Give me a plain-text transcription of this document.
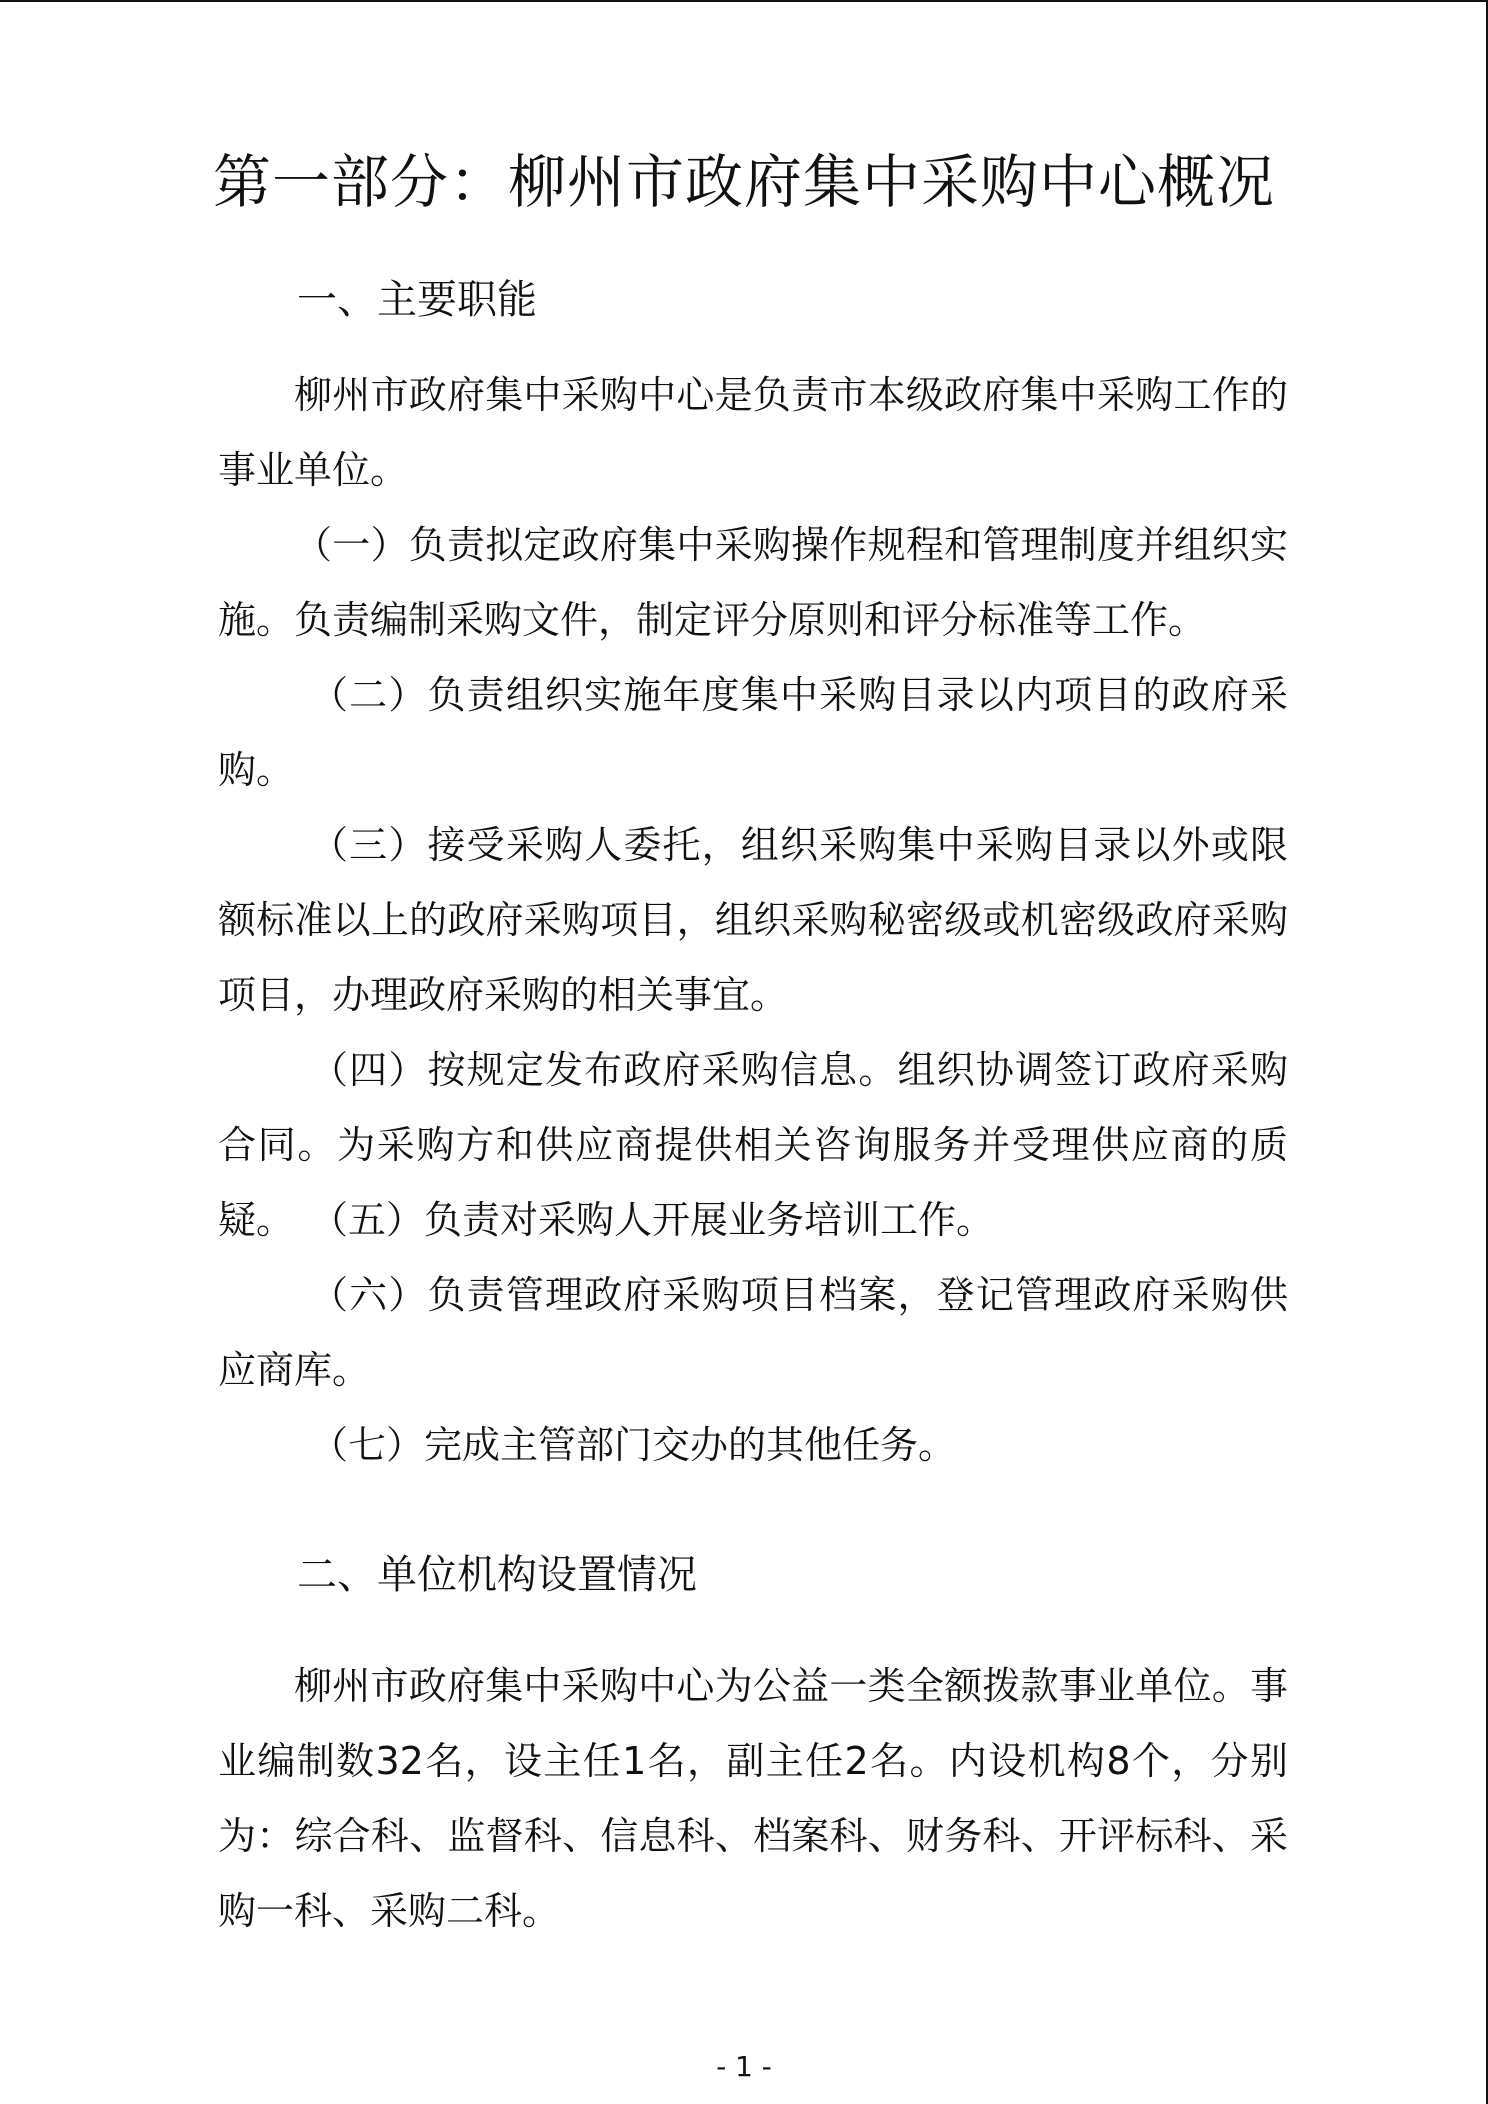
第一部分：柳州市政府集中采购中心概况
一、主要职能

柳州市政府集中采购中心是负责市本级政府集中采购工作的事业单位。

（一）负责拟定政府集中采购操作规程和管理制度并组织实施。负责编制采购文件，制定评分原则和评分标准等工作。

（二）负责组织实施年度集中采购目录以内项目的政府采购。

（三）接受采购人委托，组织采购集中采购目录以外或限额标准以上的政府采购项目，组织采购秘密级或机密级政府采购项目，办理政府采购的相关事宜。

（四）按规定发布政府采购信息。组织协调签订政府采购合同。为采购方和供应商提供相关咨询服务并受理供应商的质疑。 （五）负责对采购人开展业务培训工作。

（六）负责管理政府采购项目档案，登记管理政府采购供应商库。

（七）完成主管部门交办的其他任务。

二、单位机构设置情况

柳州市政府集中采购中心为公益一类全额拨款事业单位。事业编制数32名，设主任1名，副主任2名。内设机构8个，分别为：综合科、监督科、信息科、档案科、财务科、开评标科、采购一科、采购二科。

- 1 -
